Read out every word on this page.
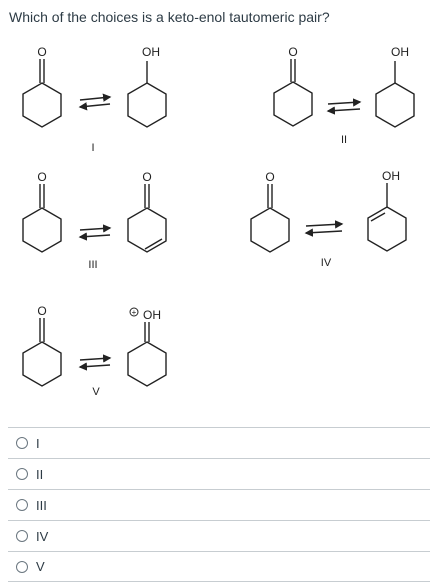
Which of the choices is a keto-enol tautomeric pair?
O	OH	O	OH
O	O	O	OH
O	OH
+
I
II
III	IV
V
I
II
III
IV
V
